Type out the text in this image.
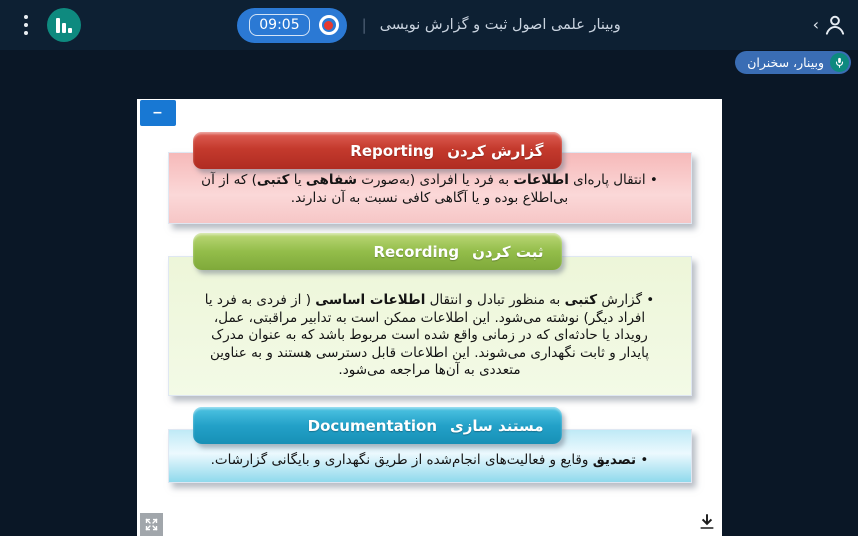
09:05	| وبینار علمی اصول ثبت و گزارش نویسی	‹
وبینار، سخنران
–
گزارش کردن
Reporting
• انتقال پاره‌ای اطلاعات به فرد یا افرادی (به‌صورت شفاهی یا کتبی) که از آن
بی‌اطلاع بوده و یا آگاهی کافی نسبت به آن ندارند.
ثبت کردن
Recording
• گزارش کتبی به منظور تبادل و انتقال اطلاعات اساسی ( از فردی به فرد یا
افراد دیگر) نوشته می‌شود. این اطلاعات ممکن است به تدابیر مراقبتی، عمل،
رویداد یا حادثه‌ای که در زمانی واقع شده است مربوط باشد که به عنوان مدرک
پایدار و ثابت نگهداری می‌شوند. این اطلاعات قابل دسترسی هستند و به عناوین
متعددی به آن‌ها مراجعه می‌شود.
مستند سازی
Documentation
• تصدیق وقایع و فعالیت‌های انجام‌شده از طریق نگهداری و بایگانی گزارشات.
